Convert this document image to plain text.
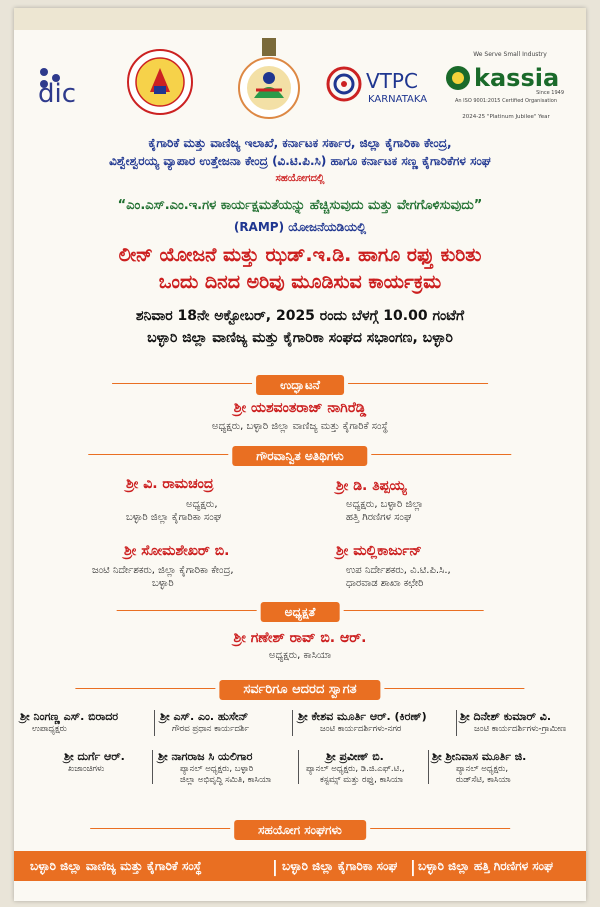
dic	VTPC
KARNATAKA
We Serve Small Industry
kassia
Since 1949
An ISO 9001:2015 Certified Organisation
2024-25 "Platinum Jubilee" Year
ಕೈಗಾರಿಕೆ ಮತ್ತು ವಾಣಿಜ್ಯ ಇಲಾಖೆ, ಕರ್ನಾಟಕ ಸರ್ಕಾರ, ಜಿಲ್ಲಾ ಕೈಗಾರಿಕಾ ಕೇಂದ್ರ,
ವಿಶ್ವೇಶ್ವರಯ್ಯ ವ್ಯಾಪಾರ ಉತ್ತೇಜನಾ ಕೇಂದ್ರ (ವಿ.ಟಿ.ಪಿ.ಸಿ) ಹಾಗೂ ಕರ್ನಾಟಕ ಸಣ್ಣ ಕೈಗಾರಿಕೆಗಳ ಸಂಘ
ಸಹಯೋಗದಲ್ಲಿ
“ಎಂ.ಎಸ್.ಎಂ.ಇ.ಗಳ ಕಾರ್ಯಕ್ಷಮತೆಯನ್ನು ಹೆಚ್ಚಿಸುವುದು ಮತ್ತು ವೇಗಗೊಳಿಸುವುದು”
(RAMP) ಯೋಜನೆಯಡಿಯಲ್ಲಿ
ಲೀನ್ ಯೋಜನೆ ಮತ್ತು ಝಡ್.ಇ.ಡಿ. ಹಾಗೂ ರಫ್ತು ಕುರಿತು
ಒಂದು ದಿನದ ಅರಿವು ಮೂಡಿಸುವ ಕಾರ್ಯಕ್ರಮ
ಶನಿವಾರ 18ನೇ ಅಕ್ಟೋಬರ್, 2025 ರಂದು ಬೆಳಗ್ಗೆ 10.00 ಗಂಟೆಗೆ
ಬಳ್ಳಾರಿ ಜಿಲ್ಲಾ ವಾಣಿಜ್ಯ ಮತ್ತು ಕೈಗಾರಿಕಾ ಸಂಘದ ಸಭಾಂಗಣ, ಬಳ್ಳಾರಿ
ಉದ್ಘಾಟನೆ
ಶ್ರೀ ಯಶವಂತರಾಜ್ ನಾಗಿರೆಡ್ಡಿ
ಅಧ್ಯಕ್ಷರು, ಬಳ್ಳಾರಿ ಜಿಲ್ಲಾ ವಾಣಿಜ್ಯ ಮತ್ತು ಕೈಗಾರಿಕೆ ಸಂಸ್ಥೆ
ಗೌರವಾನ್ವಿತ ಅತಿಥಿಗಳು
ಶ್ರೀ ವಿ. ರಾಮಚಂದ್ರ
ಅಧ್ಯಕ್ಷರು,
ಬಳ್ಳಾರಿ ಜಿಲ್ಲಾ ಕೈಗಾರಿಕಾ ಸಂಘ
ಶ್ರೀ ಡಿ. ತಿಪ್ಪಯ್ಯ
ಅಧ್ಯಕ್ಷರು, ಬಳ್ಳಾರಿ ಜಿಲ್ಲಾ
ಹತ್ತಿ ಗಿರಣಿಗಳ ಸಂಘ
ಶ್ರೀ ಸೋಮಶೇಖರ್ ಬಿ.
ಜಂಟಿ ನಿರ್ದೇಶಕರು, ಜಿಲ್ಲಾ ಕೈಗಾರಿಕಾ ಕೇಂದ್ರ,
ಬಳ್ಳಾರಿ
ಶ್ರೀ ಮಲ್ಲಿಕಾರ್ಜುನ್
ಉಪ ನಿರ್ದೇಶಕರು, ವಿ.ಟಿ.ಪಿ.ಸಿ.,
ಧಾರವಾಡ ಶಾಖಾ ಕಛೇರಿ
ಅಧ್ಯಕ್ಷತೆ
ಶ್ರೀ ಗಣೇಶ್ ರಾವ್ ಬಿ. ಆರ್.
ಅಧ್ಯಕ್ಷರು, ಕಾಸಿಯಾ
ಸರ್ವರಿಗೂ ಆದರದ ಸ್ವಾಗತ
ಶ್ರೀ ನಿಂಗಣ್ಣ ಎಸ್. ಬಿರಾದರ
ಉಪಾಧ್ಯಕ್ಷರು
ಶ್ರೀ ಎಸ್. ಎಂ. ಹುಸೇನ್
ಗೌರವ ಪ್ರಧಾನ ಕಾರ್ಯದರ್ಶಿ
ಶ್ರೀ ಕೇಶವ ಮೂರ್ತಿ ಆರ್. (ಕಿರಣ್)
ಜಂಟಿ ಕಾರ್ಯದರ್ಶಿಗಳು-ನಗರ
ಶ್ರೀ ದಿನೇಶ್ ಕುಮಾರ್ ವಿ.
ಜಂಟಿ ಕಾರ್ಯದರ್ಶಿಗಳು-ಗ್ರಾಮೀಣ
ಶ್ರೀ ದುರ್ಗೆ ಆರ್.
ಖಜಾಂಚಿಗಳು
ಶ್ರೀ ನಾಗರಾಜ ಸಿ ಯಲಿಗಾರ
ಪ್ಯಾನಲ್ ಅಧ್ಯಕ್ಷರು, ಬಳ್ಳಾರಿ
ಜಿಲ್ಲಾ ಅಭಿವೃದ್ಧಿ ಸಮಿತಿ, ಕಾಸಿಯಾ
ಶ್ರೀ ಪ್ರವೀಣ್ ಬಿ.
ಪ್ಯಾನಲ್ ಅಧ್ಯಕ್ಷರು, ಡಿ.ಜಿ.ಎಫ್.ಟಿ.,
ಕಸ್ಟಮ್ಸ್ ಮತ್ತು ರಫ್ತು, ಕಾಸಿಯಾ
ಶ್ರೀ ಶ್ರೀನಿವಾಸ ಮೂರ್ತಿ ಜಿ.
ಪ್ಯಾನಲ್ ಅಧ್ಯಕ್ಷರು,
ರುಡ್‌ಸೆಟಿ, ಕಾಸಿಯಾ
ಸಹಯೋಗ ಸಂಘಗಳು
ಬಳ್ಳಾರಿ ಜಿಲ್ಲಾ ವಾಣಿಜ್ಯ ಮತ್ತು ಕೈಗಾರಿಕೆ ಸಂಸ್ಥೆ	| ಬಳ್ಳಾರಿ ಜಿಲ್ಲಾ ಕೈಗಾರಿಕಾ ಸಂಘ | ಬಳ್ಳಾರಿ ಜಿಲ್ಲಾ ಹತ್ತಿ ಗಿರಣಿಗಳ ಸಂಘ
